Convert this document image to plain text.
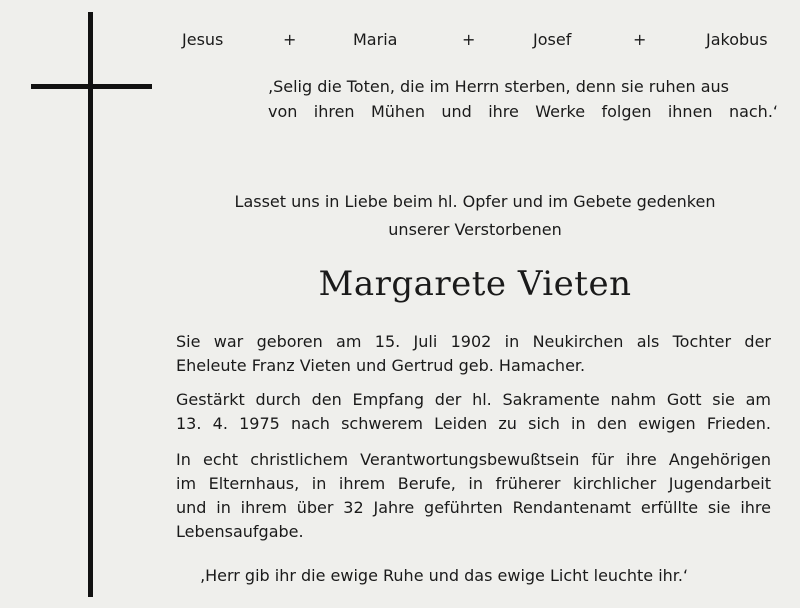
Jesus	+	Maria	+	Josef	+	Jakobus
‚Selig die Toten, die im Herrn sterben, denn sie ruhen aus
von ihren Mühen und ihre Werke folgen ihnen nach.‘
Lasset uns in Liebe beim hl. Opfer und im Gebete gedenken
unserer Verstorbenen
Margarete Vieten
Sie war geboren am 15. Juli 1902 in Neukirchen als Tochter der
Eheleute Franz Vieten und Gertrud geb. Hamacher.
Gestärkt durch den Empfang der hl. Sakramente nahm Gott sie am
13. 4. 1975 nach schwerem Leiden zu sich in den ewigen Frieden.
In echt christlichem Verantwortungsbewußtsein für ihre Angehörigen
im Elternhaus, in ihrem Berufe, in früherer kirchlicher Jugendarbeit
und in ihrem über 32 Jahre geführten Rendantenamt erfüllte sie ihre
Lebensaufgabe.
‚Herr gib ihr die ewige Ruhe und das ewige Licht leuchte ihr.‘
